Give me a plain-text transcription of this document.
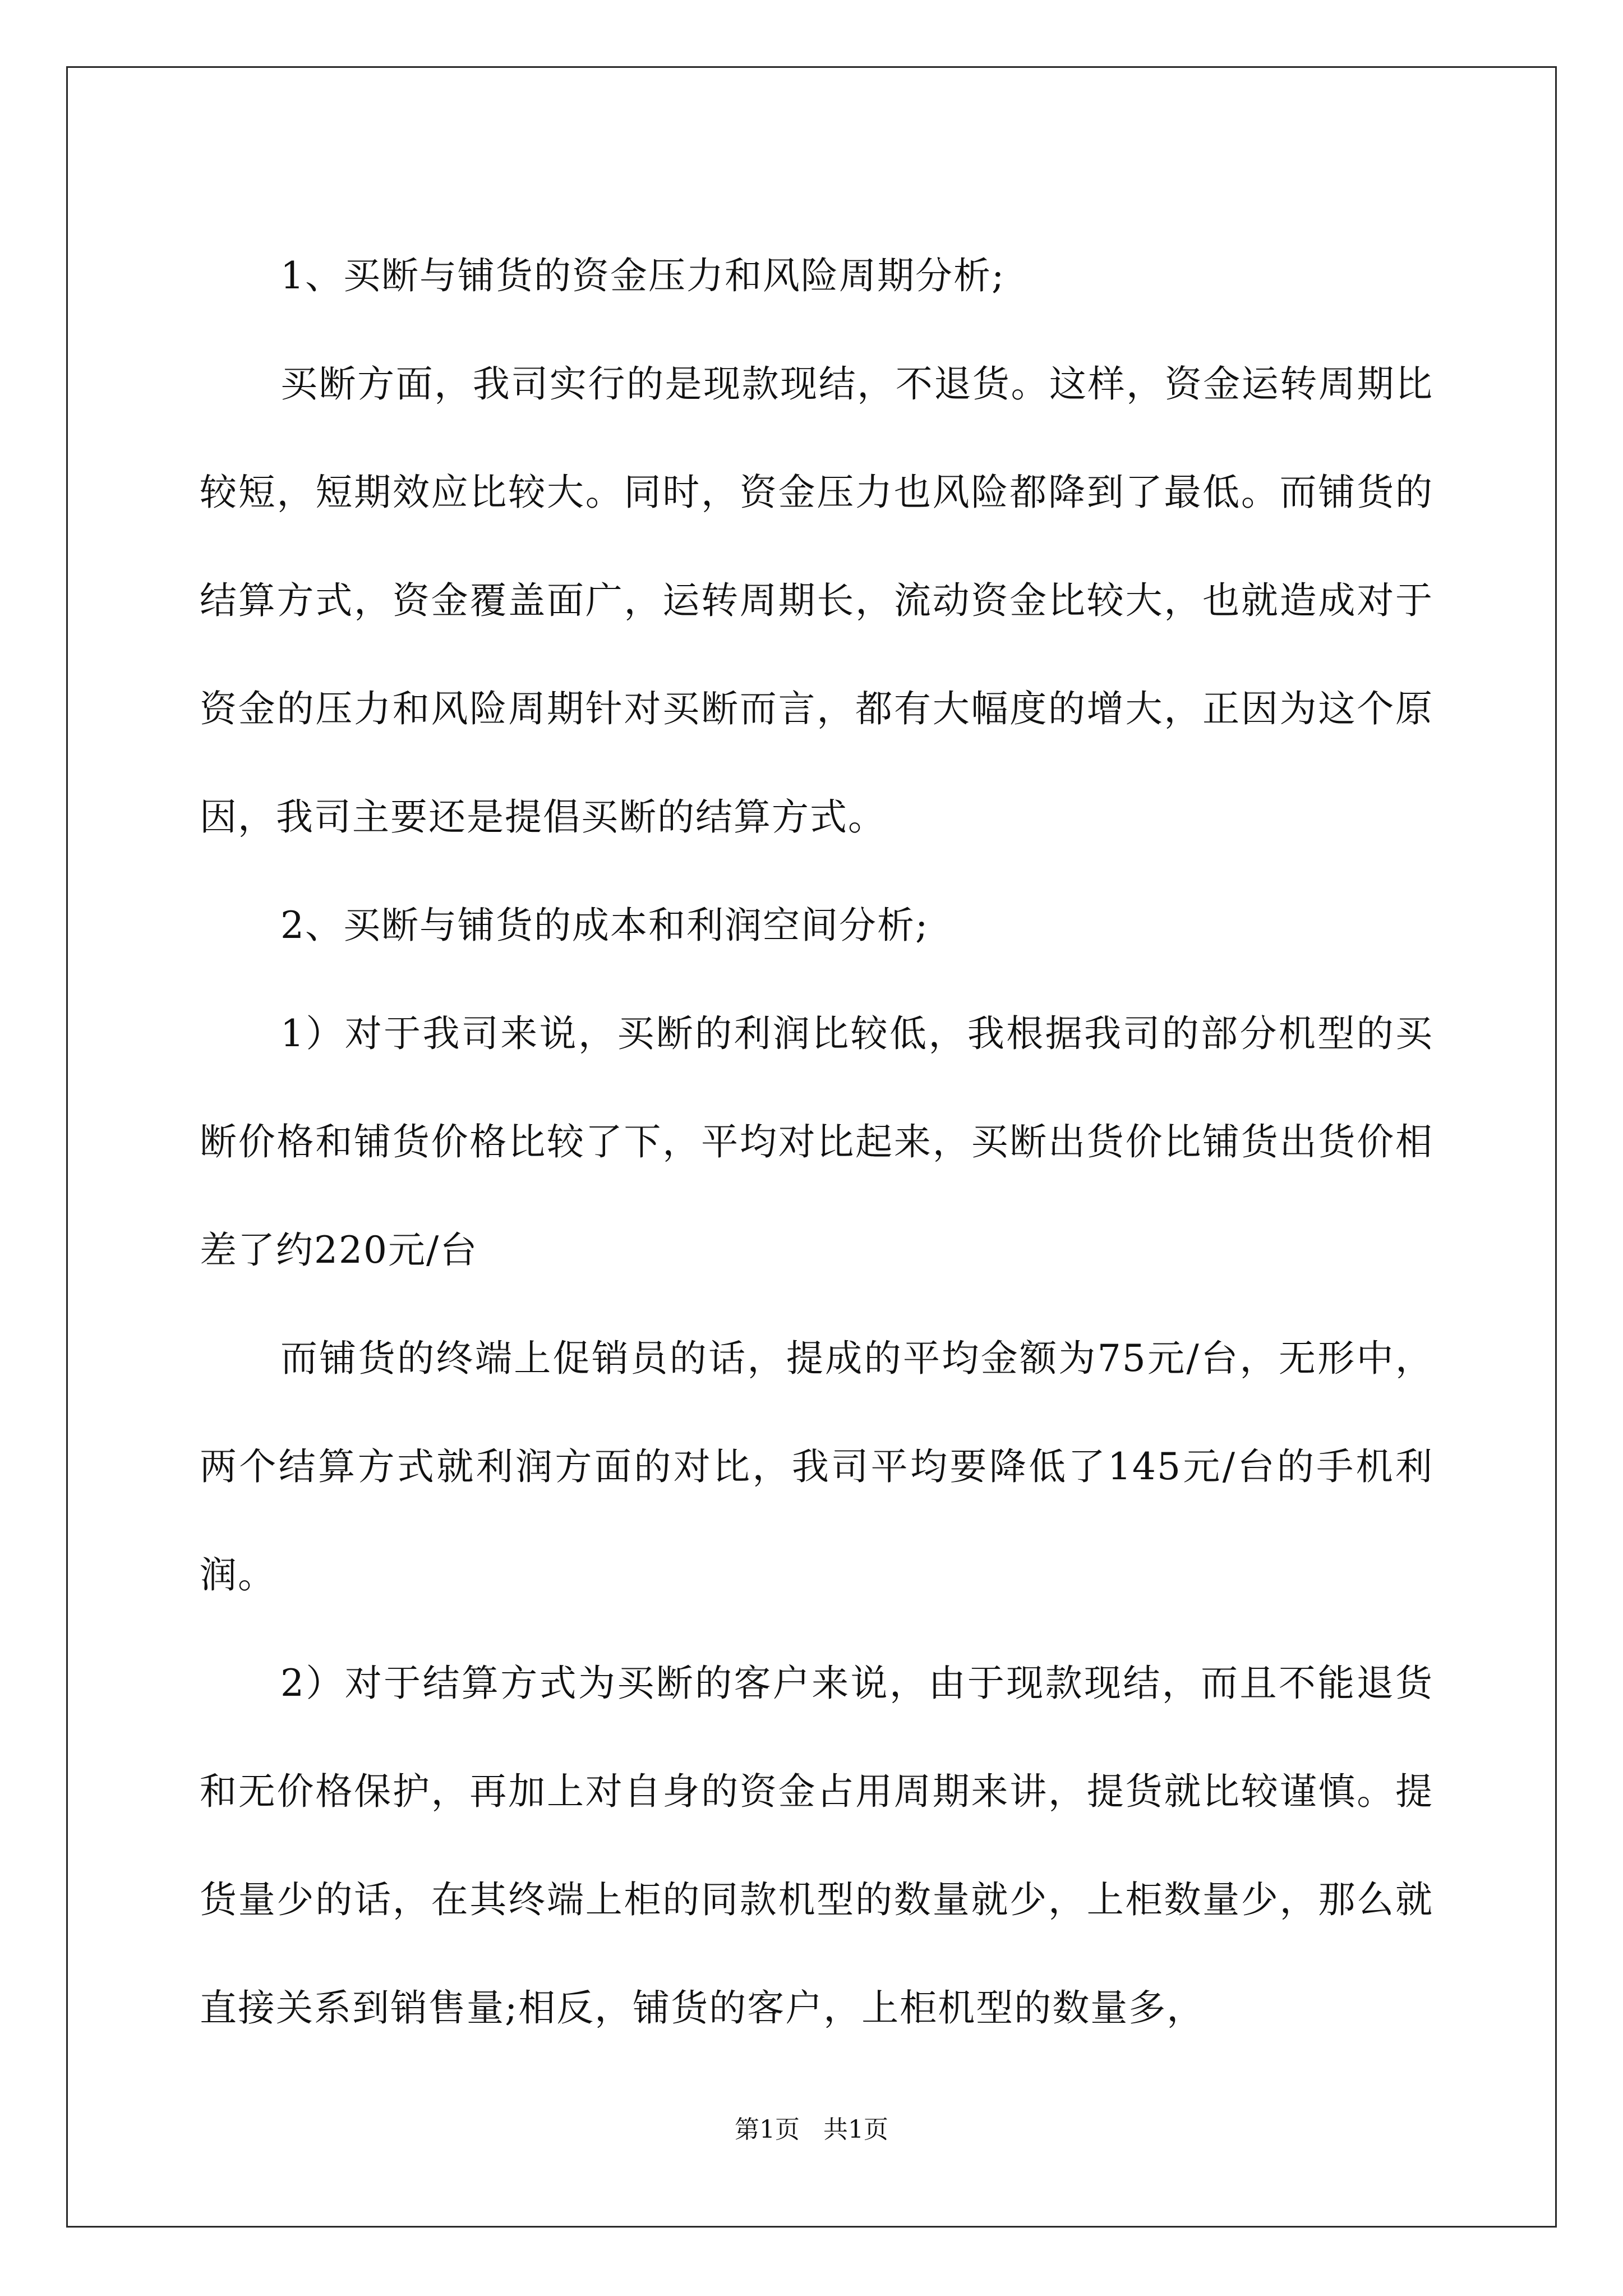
1、买断与铺货的资金压力和风险周期分析;

买断方面，我司实行的是现款现结，不退货。这样，资金运转周期比较短，短期效应比较大。同时，资金压力也风险都降到了最低。而铺货的结算方式，资金覆盖面广，运转周期长，流动资金比较大，也就造成对于资金的压力和风险周期针对买断而言，都有大幅度的增大，正因为这个原因，我司主要还是提倡买断的结算方式。

2、买断与铺货的成本和利润空间分析;

1）对于我司来说，买断的利润比较低，我根据我司的部分机型的买断价格和铺货价格比较了下，平均对比起来，买断出货价比铺货出货价相差了约220元/台

而铺货的终端上促销员的话，提成的平均金额为75元/台，无形中，两个结算方式就利润方面的对比，我司平均要降低了145元/台的手机利润。

2）对于结算方式为买断的客户来说，由于现款现结，而且不能退货和无价格保护，再加上对自身的资金占用周期来讲，提货就比较谨慎。提货量少的话，在其终端上柜的同款机型的数量就少，上柜数量少，那么就直接关系到销售量;相反，铺货的客户，上柜机型的数量多，

第1页   共1页
